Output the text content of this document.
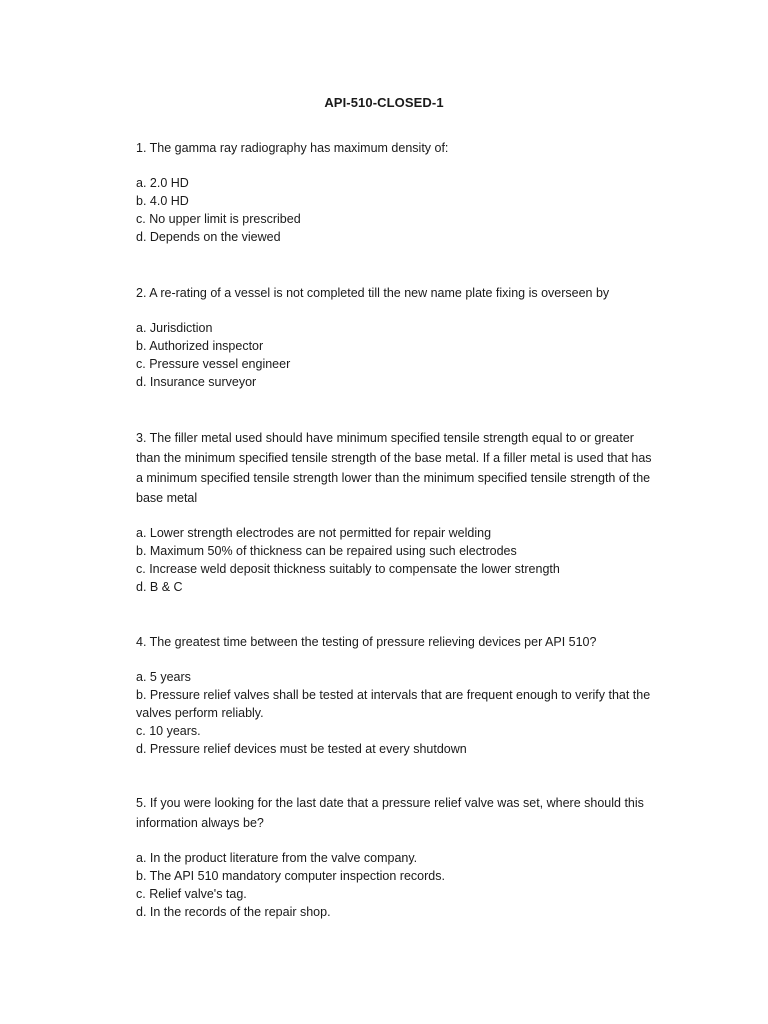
API-510-CLOSED-1

1. The gamma ray radiography has maximum density of:

a. 2.0 HD
b. 4.0 HD
c. No upper limit is prescribed
d. Depends on the viewed

2. A re-rating of a vessel is not completed till the new name plate fixing is overseen by

a. Jurisdiction
b. Authorized inspector
c. Pressure vessel engineer
d. Insurance surveyor

3. The filler metal used should have minimum specified tensile strength equal to or greater than the minimum specified tensile strength of the base metal. If a filler metal is used that has a minimum specified tensile strength lower than the minimum specified tensile strength of the base metal

a. Lower strength electrodes are not permitted for repair welding
b. Maximum 50% of thickness can be repaired using such electrodes
c. Increase weld deposit thickness suitably to compensate the lower strength
d. B & C

4. The greatest time between the testing of pressure relieving devices per API 510?

a. 5 years
b. Pressure relief valves shall be tested at intervals that are frequent enough to verify that the valves perform reliably.
c. 10 years.
d. Pressure relief devices must be tested at every shutdown

5. If you were looking for the last date that a pressure relief valve was set, where should this information always be?

a. In the product literature from the valve company.
b. The API 510 mandatory computer inspection records.
c. Relief valve's tag.
d. In the records of the repair shop.
